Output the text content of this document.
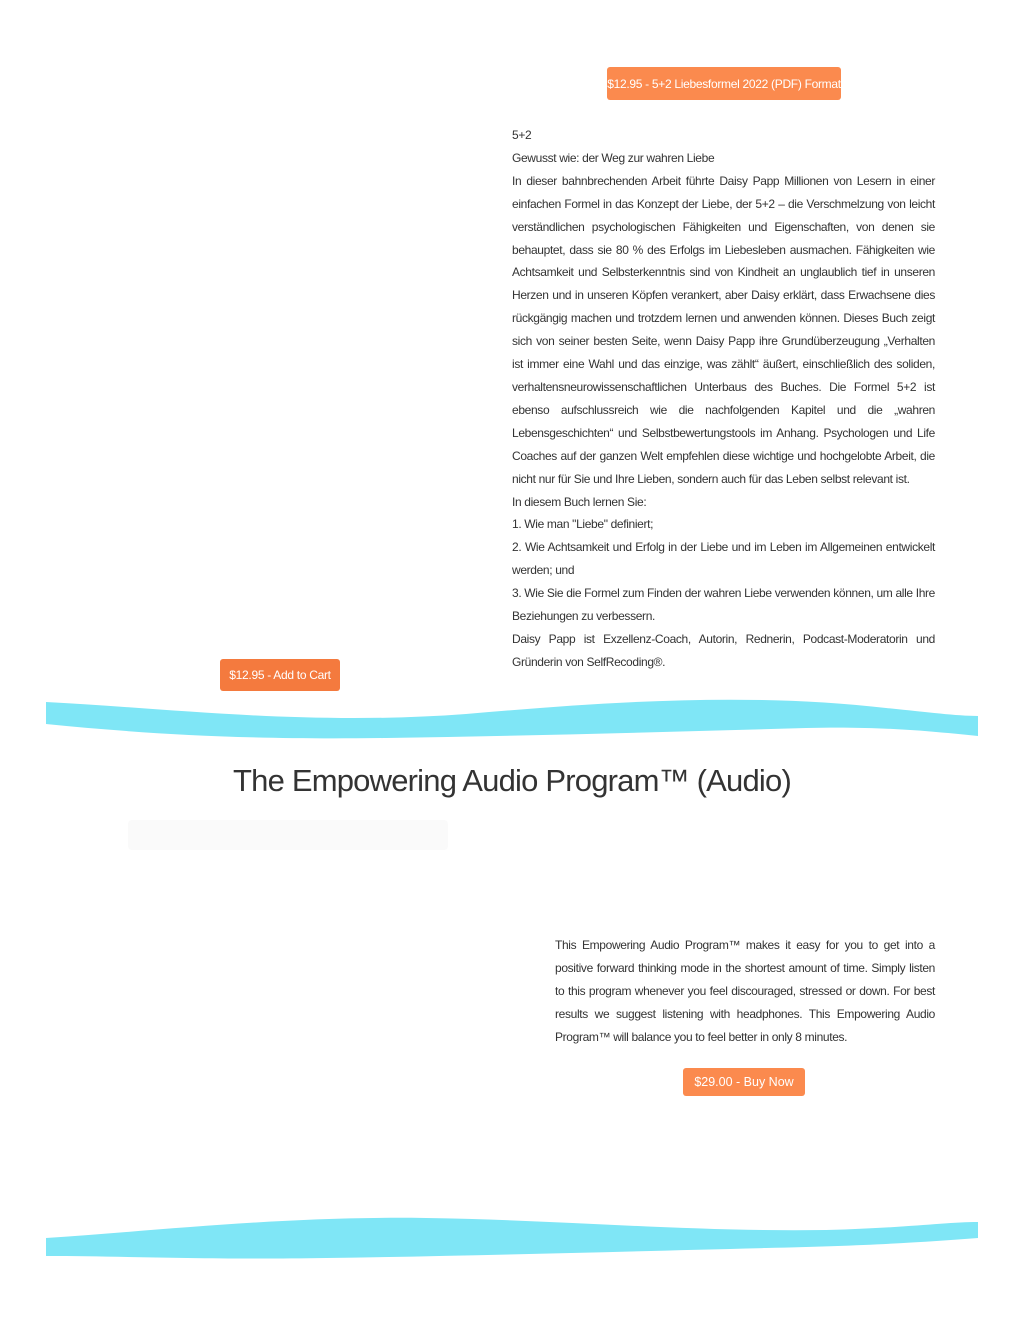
$12.95 - 5+2 Liebesformel 2022 (PDF) Format

5+2

Gewusst wie: der Weg zur wahren Liebe

In dieser bahnbrechenden Arbeit führte Daisy Papp Millionen von Lesern in einer einfachen Formel in das Konzept der Liebe, der 5+2 – die Verschmelzung von leicht verständlichen psychologischen Fähigkeiten und Eigenschaften, von denen sie behauptet, dass sie 80 % des Erfolgs im Liebesleben ausmachen. Fähigkeiten wie Achtsamkeit und Selbsterkenntnis sind von Kindheit an unglaublich tief in unseren Herzen und in unseren Köpfen verankert, aber Daisy erklärt, dass Erwachsene dies rückgängig machen und trotzdem lernen und anwenden können. Dieses Buch zeigt sich von seiner besten Seite, wenn Daisy Papp ihre Grundüberzeugung „Verhalten ist immer eine Wahl und das einzige, was zählt“ äußert, einschließlich des soliden, verhaltensneurowissenschaftlichen Unterbaus des Buches. Die Formel 5+2 ist ebenso aufschlussreich wie die nachfolgenden Kapitel und die „wahren Lebensgeschichten“ und Selbstbewertungstools im Anhang. Psychologen und Life Coaches auf der ganzen Welt empfehlen diese wichtige und hochgelobte Arbeit, die nicht nur für Sie und Ihre Lieben, sondern auch für das Leben selbst relevant ist.

In diesem Buch lernen Sie:

1. Wie man "Liebe" definiert;

2. Wie Achtsamkeit und Erfolg in der Liebe und im Leben im Allgemeinen entwickelt werden; und

3. Wie Sie die Formel zum Finden der wahren Liebe verwenden können, um alle Ihre Beziehungen zu verbessern.

Daisy Papp ist Exzellenz-Coach, Autorin, Rednerin, Podcast-Moderatorin und Gründerin von SelfRecoding®.

$12.95 - Add to Cart
The Empowering Audio Program™ (Audio)

This Empowering Audio Program™ makes it easy for you to get into a positive forward thinking mode in the shortest amount of time. Simply listen to this program whenever you feel discouraged, stressed or down. For best results we suggest listening with headphones. This Empowering Audio Program™ will balance you to feel better in only 8 minutes.

$29.00 - Buy Now
